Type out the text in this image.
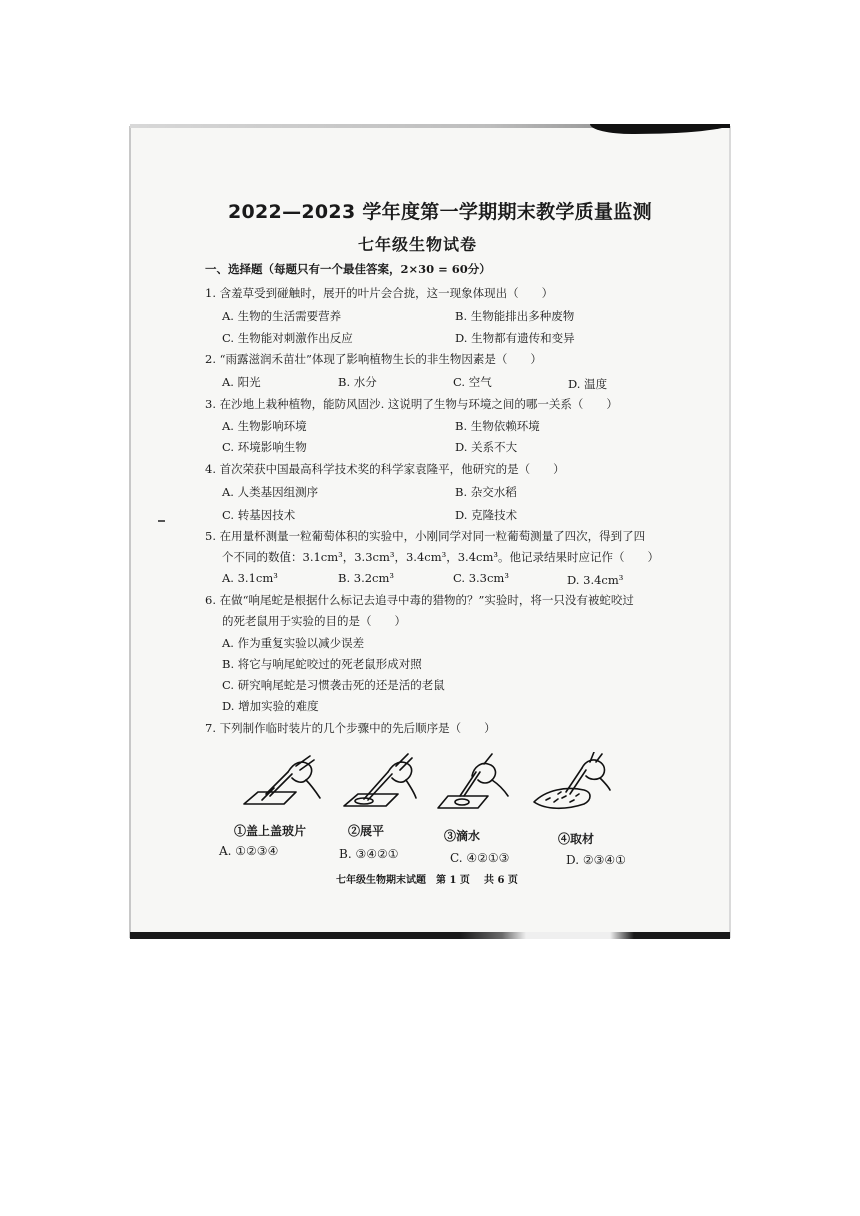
2022—2023 学年度第一学期期末教学质量监测
七年级生物试卷
一、选择题（每题只有一个最佳答案，2×30 = 60分）
1. 含羞草受到碰触时，展开的叶片会合拢，这一现象体现出（　　）
A. 生物的生活需要营养	B. 生物能排出多种废物
C. 生物能对刺激作出反应	D. 生物都有遗传和变异
2. “雨露滋润禾苗壮”体现了影响植物生长的非生物因素是（　　）
A. 阳光	B. 水分	C. 空气	D. 温度
3. 在沙地上栽种植物，能防风固沙. 这说明了生物与环境之间的哪一关系（　　）
A. 生物影响环境	B. 生物依赖环境
C. 环境影响生物	D. 关系不大
4. 首次荣获中国最高科学技术奖的科学家袁隆平，他研究的是（　　）
A. 人类基因组测序	B. 杂交水稻
C. 转基因技术	D. 克隆技术
5. 在用量杯测量一粒葡萄体积的实验中，小刚同学对同一粒葡萄测量了四次，得到了四
个不同的数值：3.1cm³，3.3cm³，3.4cm³，3.4cm³。他记录结果时应记作（　　）
A. 3.1cm³	B. 3.2cm³	C. 3.3cm³	D. 3.4cm³
6. 在做“响尾蛇是根据什么标记去追寻中毒的猎物的？”实验时，将一只没有被蛇咬过
的死老鼠用于实验的目的是（　　）
A. 作为重复实验以减少误差
B. 将它与响尾蛇咬过的死老鼠形成对照
C. 研究响尾蛇是习惯袭击死的还是活的老鼠
D. 增加实验的难度
7. 下列制作临时装片的几个步骤中的先后顺序是（　　）
①盖上盖玻片	②展平	③滴水	④取材
A. ①②③④	B. ③④②①	C. ④②①③	D. ②③④①
七年级生物期末试题 第 1 页 共 6 页
